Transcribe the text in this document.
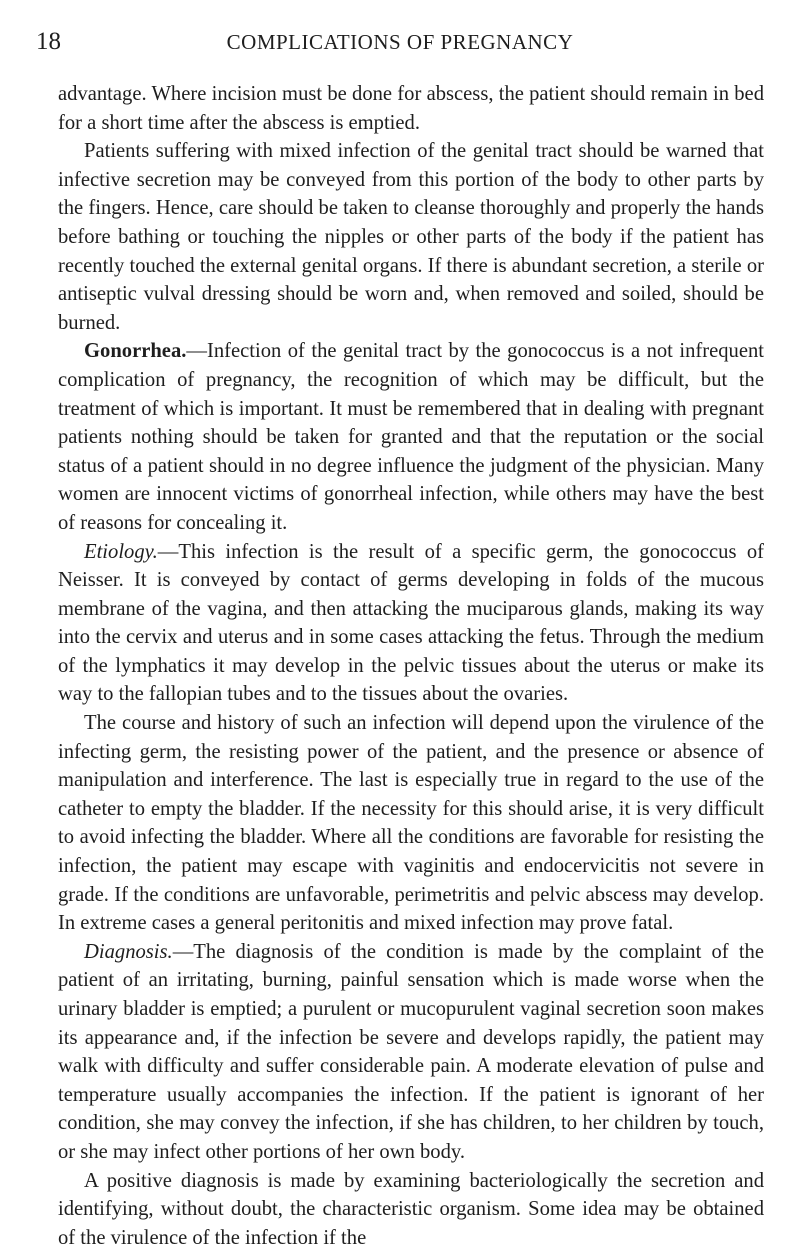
18	COMPLICATIONS OF PREGNANCY

advantage. Where incision must be done for abscess, the patient should remain in bed for a short time after the abscess is emptied.

Patients suffering with mixed infection of the genital tract should be warned that infective secretion may be conveyed from this portion of the body to other parts by the fingers. Hence, care should be taken to cleanse thoroughly and properly the hands before bathing or touching the nipples or other parts of the body if the patient has recently touched the external genital organs. If there is abundant secretion, a sterile or antiseptic vulval dressing should be worn and, when removed and soiled, should be burned.

Gonorrhea.—Infection of the genital tract by the gonococcus is a not infrequent complication of pregnancy, the recognition of which may be difficult, but the treatment of which is important. It must be remembered that in dealing with pregnant patients nothing should be taken for granted and that the reputation or the social status of a patient should in no degree influence the judgment of the physician. Many women are innocent victims of gonorrheal infection, while others may have the best of reasons for concealing it.

Etiology.—This infection is the result of a specific germ, the gonococcus of Neisser. It is conveyed by contact of germs developing in folds of the mucous membrane of the vagina, and then attacking the muciparous glands, making its way into the cervix and uterus and in some cases attacking the fetus. Through the medium of the lymphatics it may develop in the pelvic tissues about the uterus or make its way to the fallopian tubes and to the tissues about the ovaries.

The course and history of such an infection will depend upon the virulence of the infecting germ, the resisting power of the patient, and the presence or absence of manipulation and interference. The last is especially true in regard to the use of the catheter to empty the bladder. If the necessity for this should arise, it is very difficult to avoid infecting the bladder. Where all the conditions are favorable for resisting the infection, the patient may escape with vaginitis and endocervicitis not severe in grade. If the conditions are unfavorable, perimetritis and pelvic abscess may develop. In extreme cases a general peritonitis and mixed infection may prove fatal.

Diagnosis.—The diagnosis of the condition is made by the complaint of the patient of an irritating, burning, painful sensation which is made worse when the urinary bladder is emptied; a purulent or mucopurulent vaginal secretion soon makes its appearance and, if the infection be severe and develops rapidly, the patient may walk with difficulty and suffer considerable pain. A moderate elevation of pulse and temperature usually accompanies the infection. If the patient is ignorant of her condition, she may convey the infection, if she has children, to her children by touch, or she may infect other portions of her own body.

A positive diagnosis is made by examining bacteriologically the secretion and identifying, without doubt, the characteristic organism. Some idea may be obtained of the virulence of the infection if the
